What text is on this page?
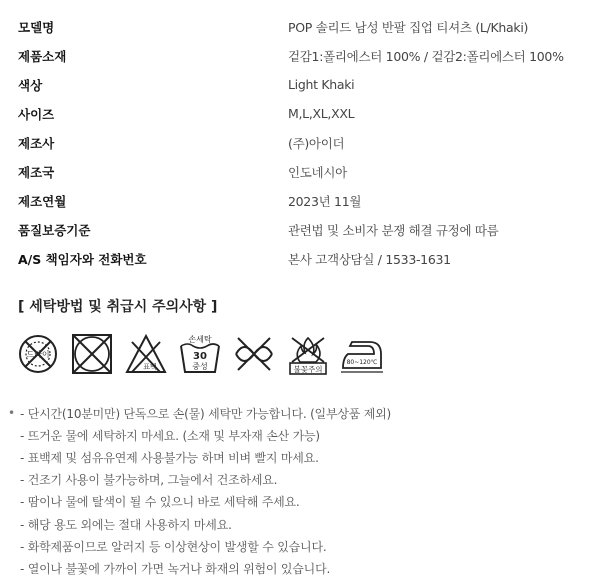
모델명	POP 솔리드 남성 반팔 집업 티셔츠 (L/Khaki)
제품소재	겉감1:폴리에스터 100% / 겉감2:폴리에스터 100%
색상	Light Khaki
사이즈	M,L,XL,XXL
제조사	(주)아이더
제조국	인도네시아
제조연월	2023년 11월
품질보증기준	관련법 및 소비자 분쟁 해결 규정에 따름
A/S 책임자와 전화번호	본사 고객상담실 / 1533-1631
[ 세탁방법 및 취급시 주의사항 ]
드라이
표백
손세탁
30
중성	불꽃주의
80~120℃
• - 단시간(10분미만) 단독으로 손(물) 세탁만 가능합니다. (일부상품 제외)
- 뜨거운 물에 세탁하지 마세요. (소재 및 부자재 손산 가능)
- 표백제 및 섬유유연제 사용불가능 하며 비벼 빨지 마세요.
- 건조기 사용이 불가능하며, 그늘에서 건조하세요.
- 땀이나 물에 탈색이 될 수 있으니 바로 세탁해 주세요.
- 해당 용도 외에는 절대 사용하지 마세요.
- 화학제품이므로 알러지 등 이상현상이 발생할 수 있습니다.
- 열이나 불꽃에 가까이 가면 녹거나 화재의 위험이 있습니다.
